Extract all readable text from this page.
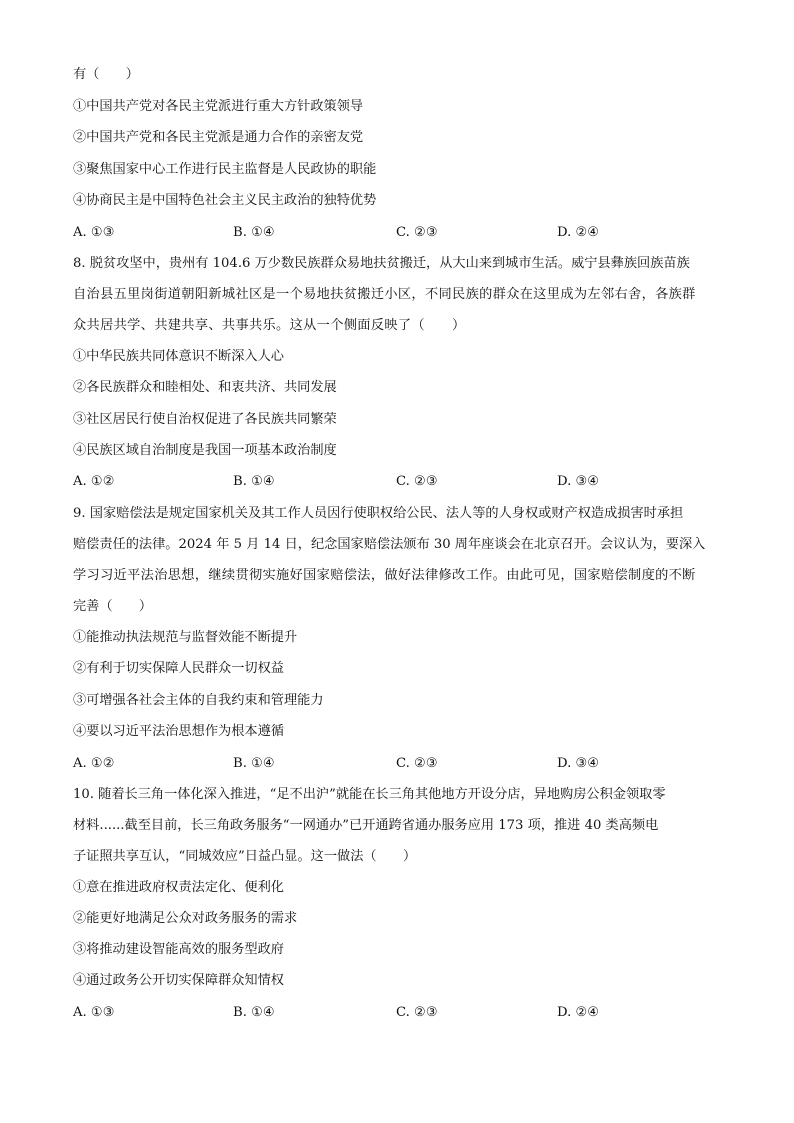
有（　　）
①中国共产党对各民主党派进行重大方针政策领导
②中国共产党和各民主党派是通力合作的亲密友党
③聚焦国家中心工作进行民主监督是人民政协的职能
④协商民主是中国特色社会主义民主政治的独特优势
A. ①③	B. ①④	C. ②③	D. ②④
8. 脱贫攻坚中，贵州有 104.6 万少数民族群众易地扶贫搬迁，从大山来到城市生活。威宁县彝族回族苗族
自治县五里岗街道朝阳新城社区是一个易地扶贫搬迁小区，不同民族的群众在这里成为左邻右舍，各族群
众共居共学、共建共享、共事共乐。这从一个侧面反映了（　　）
①中华民族共同体意识不断深入人心
②各民族群众和睦相处、和衷共济、共同发展
③社区居民行使自治权促进了各民族共同繁荣
④民族区域自治制度是我国一项基本政治制度
A. ①②	B. ①④	C. ②③	D. ③④
9. 国家赔偿法是规定国家机关及其工作人员因行使职权给公民、法人等的人身权或财产权造成损害时承担
赔偿责任的法律。2024 年 5 月 14 日，纪念国家赔偿法颁布 30 周年座谈会在北京召开。会议认为，要深入
学习习近平法治思想，继续贯彻实施好国家赔偿法，做好法律修改工作。由此可见，国家赔偿制度的不断
完善（　　）
①能推动执法规范与监督效能不断提升
②有利于切实保障人民群众一切权益
③可增强各社会主体的自我约束和管理能力
④要以习近平法治思想作为根本遵循
A. ①②	B. ①④	C. ②③	D. ③④
10. 随着长三角一体化深入推进，“足不出沪”就能在长三角其他地方开设分店，异地购房公积金领取零
材料......截至目前，长三角政务服务“一网通办”已开通跨省通办服务应用 173 项，推进 40 类高频电
子证照共享互认，“同城效应”日益凸显。这一做法（　　）
①意在推进政府权责法定化、便利化
②能更好地满足公众对政务服务的需求
③将推动建设智能高效的服务型政府
④通过政务公开切实保障群众知情权
A. ①③	B. ①④	C. ②③	D. ②④
